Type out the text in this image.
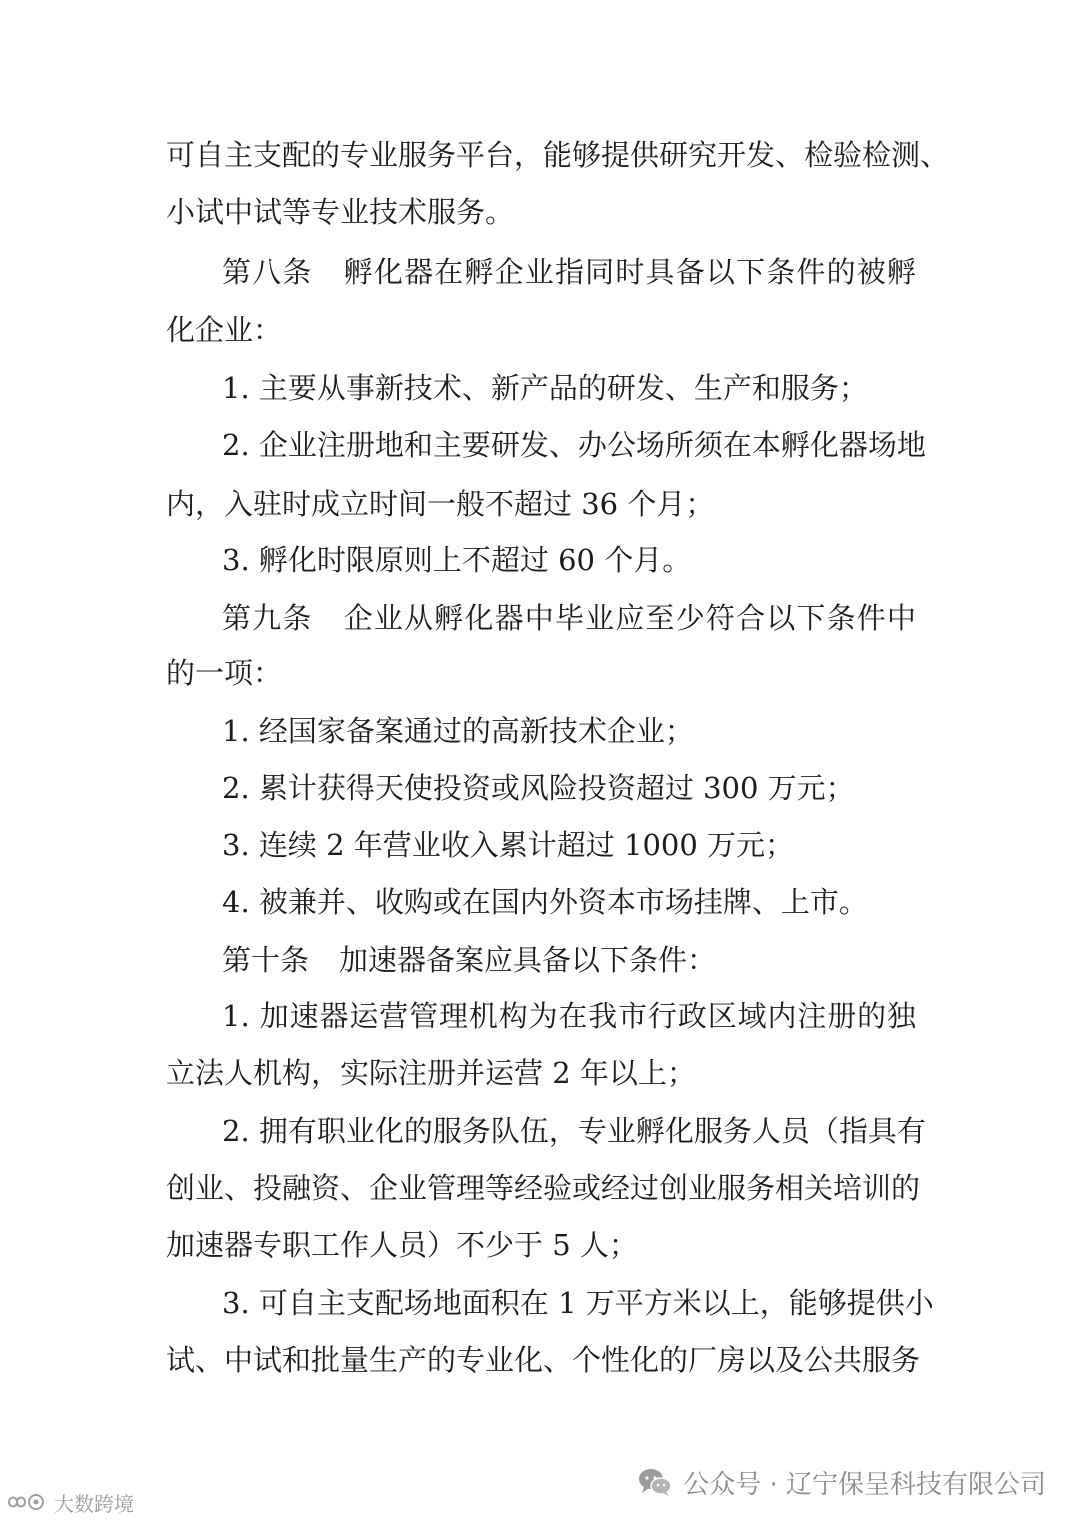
可自主支配的专业服务平台，能够提供研究开发、检验检测、
小试中试等专业技术服务。
第八条 孵化器在孵企业指同时具备以下条件的被孵
化企业：
1. 主要从事新技术、新产品的研发、生产和服务；
2. 企业注册地和主要研发、办公场所须在本孵化器场地
内，入驻时成立时间一般不超过 36 个月；
3. 孵化时限原则上不超过 60 个月。
第九条 企业从孵化器中毕业应至少符合以下条件中
的一项：
1. 经国家备案通过的高新技术企业；
2. 累计获得天使投资或风险投资超过 300 万元；
3. 连续 2 年营业收入累计超过 1000 万元；
4. 被兼并、收购或在国内外资本市场挂牌、上市。
第十条 加速器备案应具备以下条件：
1. 加速器运营管理机构为在我市行政区域内注册的独
立法人机构，实际注册并运营 2 年以上；
2. 拥有职业化的服务队伍，专业孵化服务人员（指具有
创业、投融资、企业管理等经验或经过创业服务相关培训的
加速器专职工作人员）不少于 5 人；
3. 可自主支配场地面积在 1 万平方米以上，能够提供小
试、中试和批量生产的专业化、个性化的厂房以及公共服务
公众号 · 辽宁保呈科技有限公司
大数跨境
